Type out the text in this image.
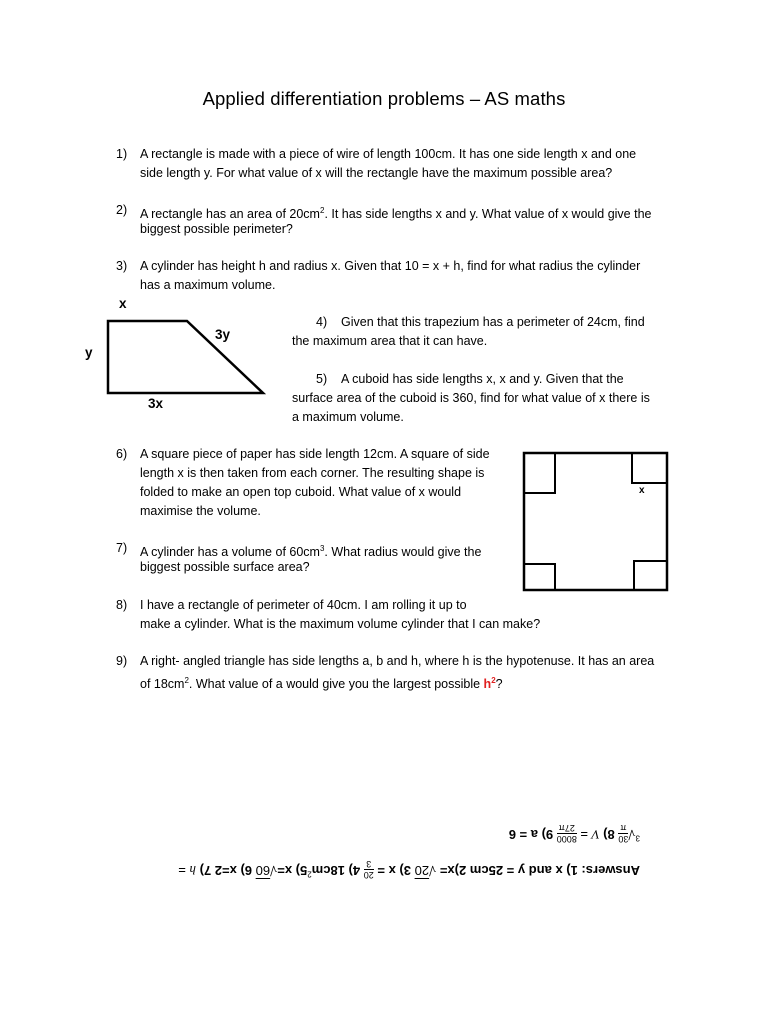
Applied differentiation problems – AS maths
1) A rectangle is made with a piece of wire of length 100cm. It has one side length x and one
side length y. For what value of x will the rectangle have the maximum possible area?
2) A rectangle has an area of $20cm^2$. It has side lengths x and y. What value of x would give the
biggest possible perimeter?
3) A cylinder has height h and radius x. Given that 10 = x + h, find for what radius the cylinder
has a maximum volume.
x
y
3y
3x
4) Given that this trapezium has a perimeter of 24cm, find
the maximum area that it can have.
5) A cuboid has side lengths x, x and y. Given that the
surface area of the cuboid is 360, find for what value of x there is
a maximum volume.
6) A square piece of paper has side length 12cm. A square of side
length x is then taken from each corner. The resulting shape is
folded to make an open top cuboid. What value of x would
maximise the volume.
x
7) A cylinder has a volume of $60cm^3$. What radius would give the
biggest possible surface area?
8) I have a rectangle of perimeter of 40cm. I am rolling it up to
make a cylinder. What is the maximum volume cylinder that I can make?
9) A right- angled triangle has side lengths a, b and h, where h is the hypotenuse. It has an area
of $18cm^2$. What value of a would give you the largest possible $h^2$?
Answers: 1) x and y = 25cm 2)x= √20 3) x =
20
3
4) $18cm^25$) x=√60 6) x=2 7) h =
$^3$√
30
π
8) V =
8000
27π
9) a = 6
